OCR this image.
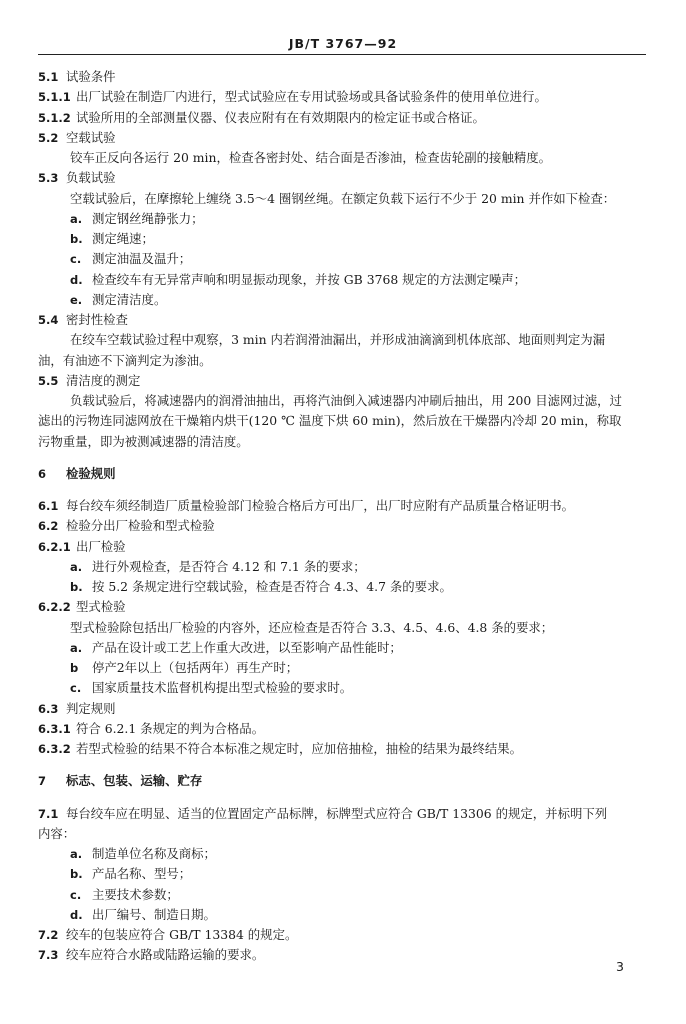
JB/T 3767—92
5.1 试验条件
5.1.1 出厂试验在制造厂内进行，型式试验应在专用试验场或具备试验条件的使用单位进行。
5.1.2 试验所用的全部测量仪器、仪表应附有在有效期限内的检定证书或合格证。
5.2 空载试验
铰车正反向各运行 20 min，检查各密封处、结合面是否渗油，检查齿轮副的接触精度。
5.3 负载试验
空载试验后，在摩擦轮上缠绕 3.5～4 圈钢丝绳。在额定负载下运行不少于 20 min 并作如下检查：
a. 测定钢丝绳静张力；
b. 测定绳速；
c. 测定油温及温升；
d. 检查绞车有无异常声响和明显振动现象，并按 GB 3768 规定的方法测定噪声；
e. 测定清洁度。
5.4 密封性检查
在绞车空载试验过程中观察，3 min 内若润滑油漏出，并形成油滴滴到机体底部、地面则判定为漏
油，有油迹不下滴判定为渗油。
5.5 清洁度的测定
负载试验后，将减速器内的润滑油抽出，再将汽油倒入减速器内冲刷后抽出，用 200 目滤网过滤，过
滤出的污物连同滤网放在干燥箱内烘干(120 ℃ 温度下烘 60 min)，然后放在干燥器内冷却 20 min，称取
污物重量，即为被测减速器的清洁度。
6 检验规则
6.1 每台绞车须经制造厂质量检验部门检验合格后方可出厂，出厂时应附有产品质量合格证明书。
6.2 检验分出厂检验和型式检验
6.2.1 出厂检验
a. 进行外观检查，是否符合 4.12 和 7.1 条的要求；
b. 按 5.2 条规定进行空载试验，检查是否符合 4.3、4.7 条的要求。
6.2.2 型式检验
型式检验除包括出厂检验的内容外，还应检查是否符合 3.3、4.5、4.6、4.8 条的要求；
a. 产品在设计或工艺上作重大改进，以至影响产品性能时；
b 停产2年以上（包括两年）再生产时；
c. 国家质量技术监督机构提出型式检验的要求时。
6.3 判定规则
6.3.1 符合 6.2.1 条规定的判为合格品。
6.3.2 若型式检验的结果不符合本标准之规定时，应加倍抽检，抽检的结果为最终结果。
7 标志、包装、运输、贮存
7.1 每台绞车应在明显、适当的位置固定产品标牌，标牌型式应符合 GB/T 13306 的规定，并标明下列
内容：
a. 制造单位名称及商标；
b. 产品名称、型号；
c. 主要技术参数；
d. 出厂编号、制造日期。
7.2 绞车的包装应符合 GB/T 13384 的规定。
7.3 绞车应符合水路或陆路运输的要求。
3
